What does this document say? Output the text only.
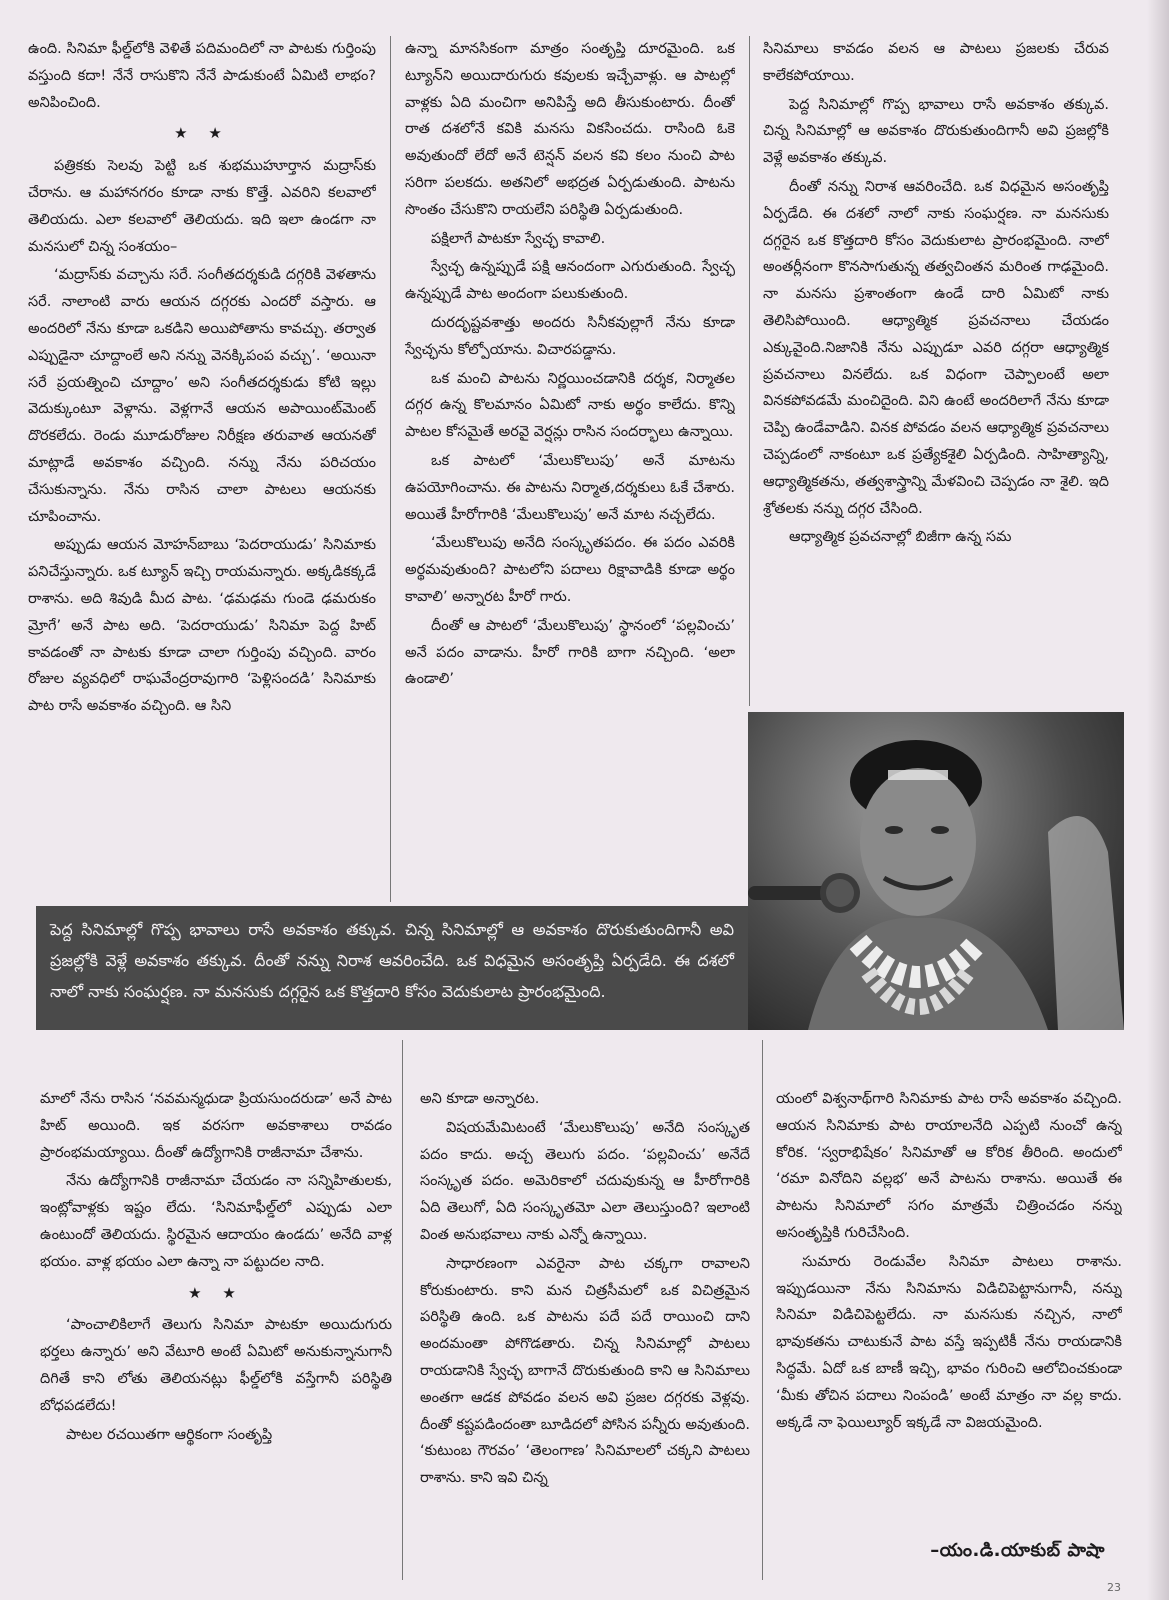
ఉంది. సినిమా ఫీల్డ్‌లోకి వెళితే పదిమందిలో నా పాటకు గుర్తింపు వస్తుంది కదా! నేనే రాసుకొని నేనే పాడుకుంటే ఏమిటి లాభం? అనిపించింది.

★ ★

పత్రికకు సెలవు పెట్టి ఒక శుభముహూర్తాన మద్రాస్‌కు చేరాను. ఆ మహానగరం కూడా నాకు కొత్తే. ఎవరిని కలవాలో తెలియదు. ఎలా కలవాలో తెలియదు. ఇది ఇలా ఉండగా నా మనసులో చిన్న సంశయం–

‘మద్రాస్‌కు వచ్చాను సరే. సంగీతదర్శకుడి దగ్గరికి వెళతాను సరే. నాలాంటి వారు ఆయన దగ్గరకు ఎందరో వస్తారు. ఆ అందరిలో నేను కూడా ఒకడిని అయిపోతాను కావచ్చు. తర్వాత ఎప్పుడైనా చూద్దాంలే అని నన్ను వెనక్కిపంప వచ్చు’. ‘అయినా సరే ప్రయత్నించి చూద్దాం’ అని సంగీతదర్శకుడు కోటి ఇల్లు వెదుక్కుంటూ వెళ్లాను. వెళ్లగానే ఆయన అపాయింట్‌మెంట్ దొరకలేదు. రెండు మూడురోజుల నిరీక్షణ తరువాత ఆయనతో మాట్లాడే అవకాశం వచ్చింది. నన్ను నేను పరిచయం చేసుకున్నాను. నేను రాసిన చాలా పాటలు ఆయనకు చూపించాను.

అప్పుడు ఆయన మోహన్‌బాబు ‘పెదరాయుడు’ సినిమాకు పనిచేస్తున్నారు. ఒక ట్యూన్ ఇచ్చి రాయమన్నారు. అక్కడికక్కడే రాశాను. అది శివుడి మీద పాట. ‘ఢమఢమ గుండె ఢమరుకం మ్రోగే’ అనే పాట అది. ‘పెదరాయుడు’ సినిమా పెద్ద హిట్ కావడంతో నా పాటకు కూడా చాలా గుర్తింపు వచ్చింది. వారం రోజుల వ్యవధిలో రాఘవేంద్రరావుగారి ‘పెళ్లిసందడి’ సినిమాకు పాట రాసే అవకాశం వచ్చింది. ఆ సిని

ఉన్నా మానసికంగా మాత్రం సంతృప్తి దూరమైంది. ఒక ట్యూన్‌ని అయిదారుగురు కవులకు ఇచ్చేవాళ్లు. ఆ పాటల్లో వాళ్లకు ఏది మంచిగా అనిపిస్తే అది తీసుకుంటారు. దీంతో రాత దశలోనే కవికి మనసు వికసించదు. రాసింది ఓకె అవుతుందో లేదో అనే టెన్షన్ వలన కవి కలం నుంచి పాట సరిగా పలకదు. అతనిలో అభద్రత ఏర్పడుతుంది. పాటను సొంతం చేసుకొని రాయలేని పరిస్థితి ఏర్పడుతుంది.

పక్షిలాగే పాటకూ స్వేచ్ఛ కావాలి.

స్వేచ్ఛ ఉన్నప్పుడే పక్షి ఆనందంగా ఎగురుతుంది. స్వేచ్ఛ ఉన్నప్పుడే పాట అందంగా పలుకుతుంది.

దురదృష్టవశాత్తు అందరు సినీకవుల్లాగే నేను కూడా స్వేచ్ఛను కోల్పోయాను. విచారపడ్డాను.

ఒక మంచి పాటను నిర్ణయించడానికి దర్శక, నిర్మాతల దగ్గర ఉన్న కొలమానం ఏమిటో నాకు అర్థం కాలేదు. కొన్ని పాటల కోసమైతే అరవై వెర్షన్లు రాసిన సందర్భాలు ఉన్నాయి.

ఒక పాటలో ‘మేలుకొలుపు’ అనే మాటను ఉపయోగించాను. ఈ పాటను నిర్మాత,దర్శకులు ఓకే చేశారు. అయితే హీరోగారికి ‘మేలుకొలుపు’ అనే మాట నచ్చలేదు.

‘మేలుకొలుపు అనేది సంస్కృతపదం. ఈ పదం ఎవరికి అర్థమవుతుంది? పాటలోని పదాలు రిక్షావాడికి కూడా అర్థం కావాలి’ అన్నారట హీరో గారు.

దీంతో ఆ పాటలో ‘మేలుకొలుపు’ స్థానంలో ‘పల్లవించు’ అనే పదం వాడాను. హీరో గారికి బాగా నచ్చింది. ‘అలా ఉండాలి’

సినిమాలు కావడం వలన ఆ పాటలు ప్రజలకు చేరువ కాలేకపోయాయి.

పెద్ద సినిమాల్లో గొప్ప భావాలు రాసే అవకాశం తక్కువ. చిన్న సినిమాల్లో ఆ అవకాశం దొరుకుతుందిగానీ అవి ప్రజల్లోకి వెళ్లే అవకాశం తక్కువ.

దీంతో నన్ను నిరాశ ఆవరించేది. ఒక విధమైన అసంతృప్తి ఏర్పడేది. ఈ దశలో నాలో నాకు సంఘర్షణ. నా మనసుకు దగ్గరైన ఒక కొత్తదారి కోసం వెదుకులాట ప్రారంభమైంది. నాలో అంతర్లీనంగా కొనసాగుతున్న తత్వచింతన మరింత గాఢమైంది. నా మనసు ప్రశాంతంగా ఉండే దారి ఏమిటో నాకు తెలిసిపోయింది. ఆధ్యాత్మిక ప్రవచనాలు చేయడం ఎక్కువైంది.నిజానికి నేను ఎప్పుడూ ఎవరి దగ్గరా ఆధ్యాత్మిక ప్రవచనాలు వినలేదు. ఒక విధంగా చెప్పాలంటే అలా వినకపోవడమే మంచిదైంది. విని ఉంటే అందరిలాగే నేను కూడా చెప్పి ఉండేవాడిని. వినక పోవడం వలన ఆధ్యాత్మిక ప్రవచనాలు చెప్పడంలో నాకంటూ ఒక ప్రత్యేకశైలి ఏర్పడింది. సాహిత్యాన్ని, ఆధ్యాత్మికతను, తత్వశాస్త్రాన్ని మేళవించి చెప్పడం నా శైలి. ఇది శ్రోతలకు నన్ను దగ్గర చేసింది.

ఆధ్యాత్మిక ప్రవచనాల్లో బిజీగా ఉన్న సమ

పెద్ద సినిమాల్లో గొప్ప భావాలు రాసే అవకాశం తక్కువ. చిన్న సినిమాల్లో ఆ అవకాశం దొరుకుతుందిగానీ అవి ప్రజల్లోకి వెళ్లే అవకాశం తక్కువ. దీంతో నన్ను నిరాశ ఆవరించేది. ఒక విధమైన అసంతృప్తి ఏర్పడేది. ఈ దశలో నాలో నాకు సంఘర్షణ. నా మనసుకు దగ్గరైన ఒక కొత్తదారి కోసం వెదుకులాట ప్రారంభమైంది.

మాలో నేను రాసిన ‘నవమన్మధుడా ప్రియసుందరుడా’ అనే పాట హిట్ అయింది. ఇక వరసగా అవకాశాలు రావడం ప్రారంభమయ్యాయి. దీంతో ఉద్యోగానికి రాజీనామా చేశాను.

నేను ఉద్యోగానికి రాజీనామా చేయడం నా సన్నిహితులకు, ఇంట్లోవాళ్లకు ఇష్టం లేదు. ‘సినిమాఫీల్డ్‌లో ఎప్పుడు ఎలా ఉంటుందో తెలియదు. స్థిరమైన ఆదాయం ఉండదు’ అనేది వాళ్ల భయం. వాళ్ల భయం ఎలా ఉన్నా నా పట్టుదల నాది.

★ ★

‘పాంచాలికిలాగే తెలుగు సినిమా పాటకూ అయిదుగురు భర్తలు ఉన్నారు’ అని వేటూరి అంటే ఏమిటో అనుకున్నానుగానీ దిగితే కాని లోతు తెలియనట్లు ఫీల్డ్‌లోకి వస్తేగానీ పరిస్థితి బోధపడలేదు!

పాటల రచయితగా ఆర్థికంగా సంతృప్తి

అని కూడా అన్నారట.

విషయమేమిటంటే ‘మేలుకొలుపు’ అనేది సంస్కృత పదం కాదు. అచ్చ తెలుగు పదం. ‘పల్లవించు’ అనేదే సంస్కృత పదం. అమెరికాలో చదువుకున్న ఆ హీరోగారికి ఏది తెలుగో, ఏది సంస్కృతమో ఎలా తెలుస్తుంది? ఇలాంటి వింత అనుభవాలు నాకు ఎన్నో ఉన్నాయి.

సాధారణంగా ఎవరైనా పాట చక్కగా రావాలని కోరుకుంటారు. కాని మన చిత్రసీమలో ఒక విచిత్రమైన పరిస్థితి ఉంది. ఒక పాటను పదే పదే రాయించి దాని అందమంతా పోగొడతారు. చిన్న సినిమాల్లో పాటలు రాయడానికి స్వేచ్ఛ బాగానే దొరుకుతుంది కాని ఆ సినిమాలు అంతగా ఆడక పోవడం వలన అవి ప్రజల దగ్గరకు వెళ్లవు. దీంతో కష్టపడిందంతా బూడిదలో పోసిన పన్నీరు అవుతుంది. ‘కుటుంబ గౌరవం’ ‘తెలంగాణ’ సినిమాలలో చక్కని పాటలు రాశాను. కాని ఇవి చిన్న

యంలో విశ్వనాథ్‌గారి సినిమాకు పాట రాసే అవకాశం వచ్చింది. ఆయన సినిమాకు పాట రాయాలనేది ఎప్పటి నుంచో ఉన్న కోరిక. ‘స్వరాభిషేకం’ సినిమాతో ఆ కోరిక తీరింది. అందులో ‘రమా వినోదిని వల్లభ’ అనే పాటను రాశాను. అయితే ఈ పాటను సినిమాలో సగం మాత్రమే చిత్రించడం నన్ను అసంతృప్తికి గురిచేసింది.

సుమారు రెండువేల సినిమా పాటలు రాశాను. ఇప్పుడయినా నేను సినిమాను విడిచిపెట్టానుగానీ, నన్ను సినిమా విడిచిపెట్టలేదు. నా మనసుకు నచ్చిన, నాలో భావుకతను చాటుకునే పాట వస్తే ఇప్పటికీ నేను రాయడానికి సిద్ధమే. ఏదో ఒక బాణీ ఇచ్చి, భావం గురించి ఆలోచించకుండా ‘మీకు తోచిన పదాలు నింపండి’ అంటే మాత్రం నా వల్ల కాదు. అక్కడే నా ఫెయిల్యూర్ ఇక్కడే నా విజయమైంది.

–యం.డి.యాకుబ్ పాషా
23
